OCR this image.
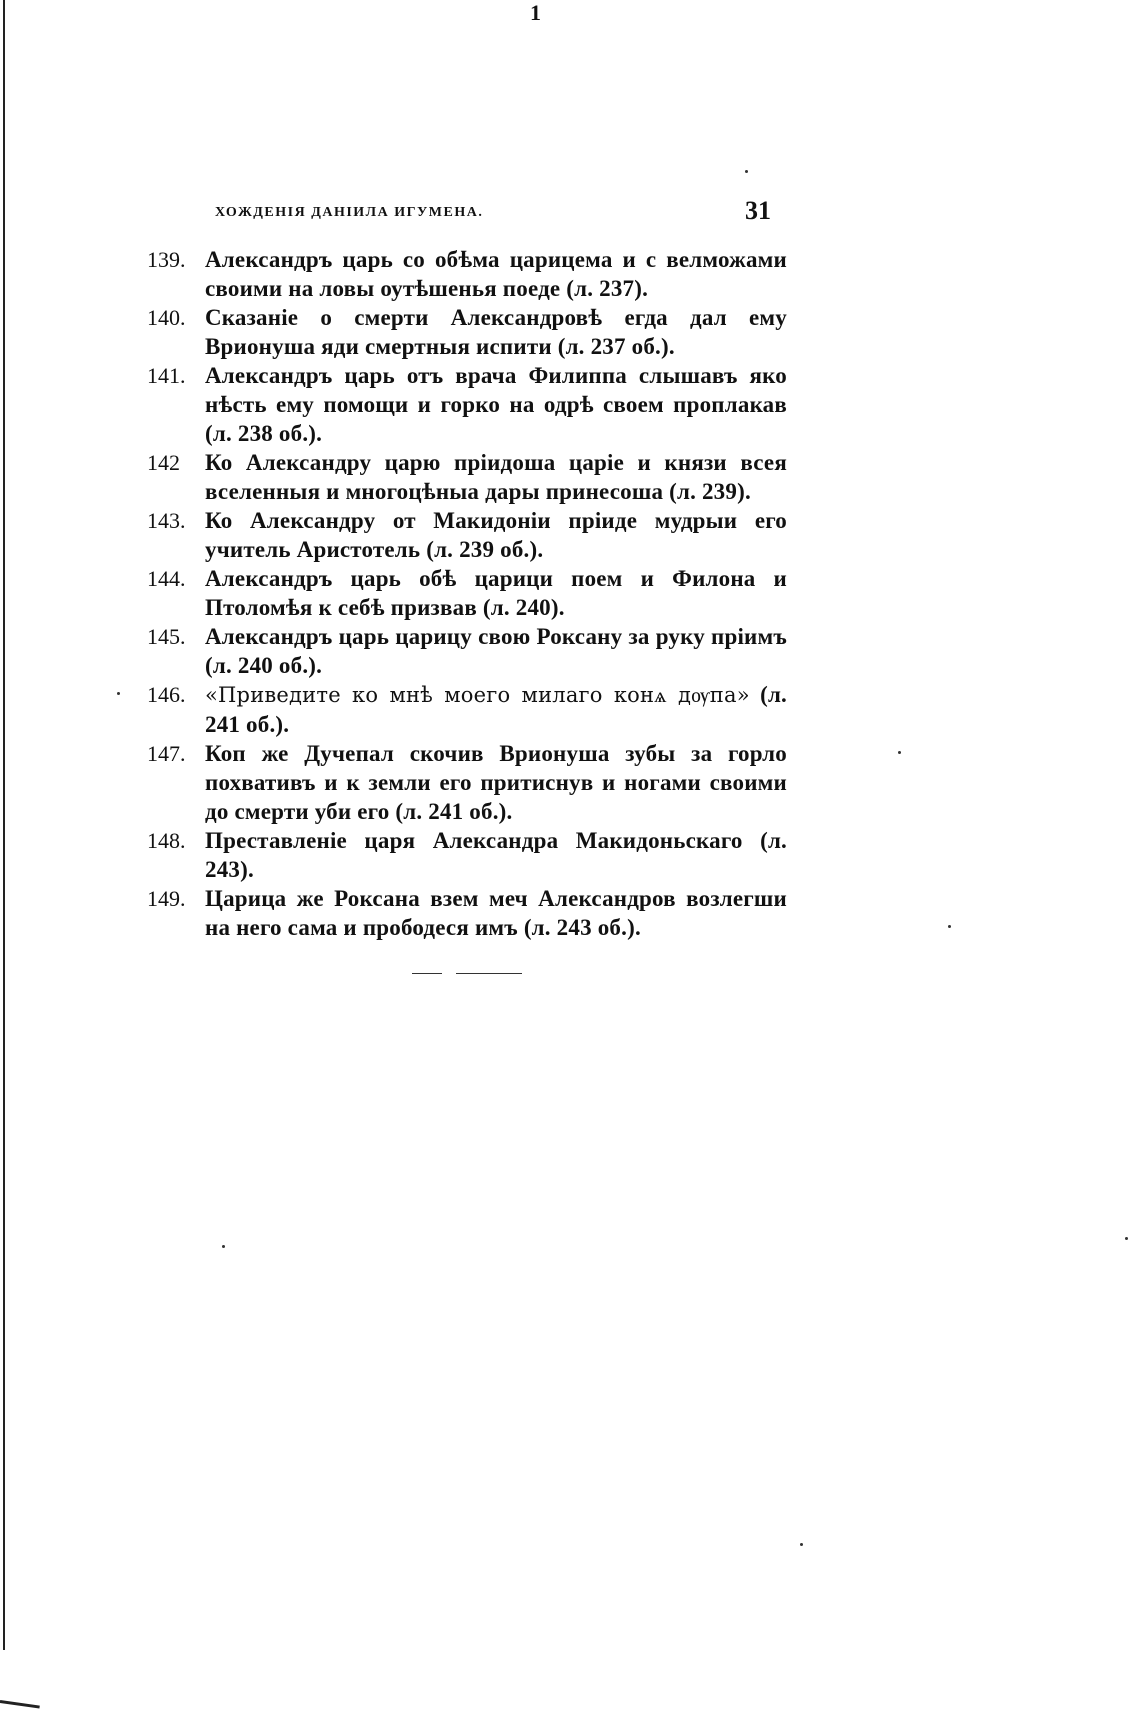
1
ХОЖДЕНІЯ ДАНІИЛА ИГУМЕНА.	31
139. Александръ царь со обѣма царицема и с велможами своими на ловы оутѣшенья поеде (л. 237).
140. Сказаніе о смерти Александровѣ егда дал ему Врионуша яди смертныя испити (л. 237 об.).
141. Александръ царь отъ врача Филиппа слышавъ яко нѣсть ему помощи и горко на одрѣ своем проплакав (л. 238 об.).
142	Ко Александру царю пріидоша царіе и князи всея вселенныя и многоцѣныа дары принесоша (л. 239).
143. Ко Александру от Макидоніи пріиде мудрыи его учитель Аристотель (л. 239 об.).
144. Александръ царь обѣ царици поем и Филона и Птоломѣя к себѣ призвав (л. 240).
145. Александръ царь царицу свою Роксану за руку пріимъ (л. 240 об.).
146. «Приведите ко мнѣ моего милаго конѧ дѹпа» (л. 241 об.).
147. Коп же Дучепал скочив Врионуша зубы за горло похвативъ и к земли его притиснув и ногами своими до смерти уби его (л. 241 об.).
148. Преставленіе царя Александра Макидоньскаго (л. 243).
149. Царица же Роксана взем меч Александров возлегши на него сама и прободеся имъ (л. 243 об.).
